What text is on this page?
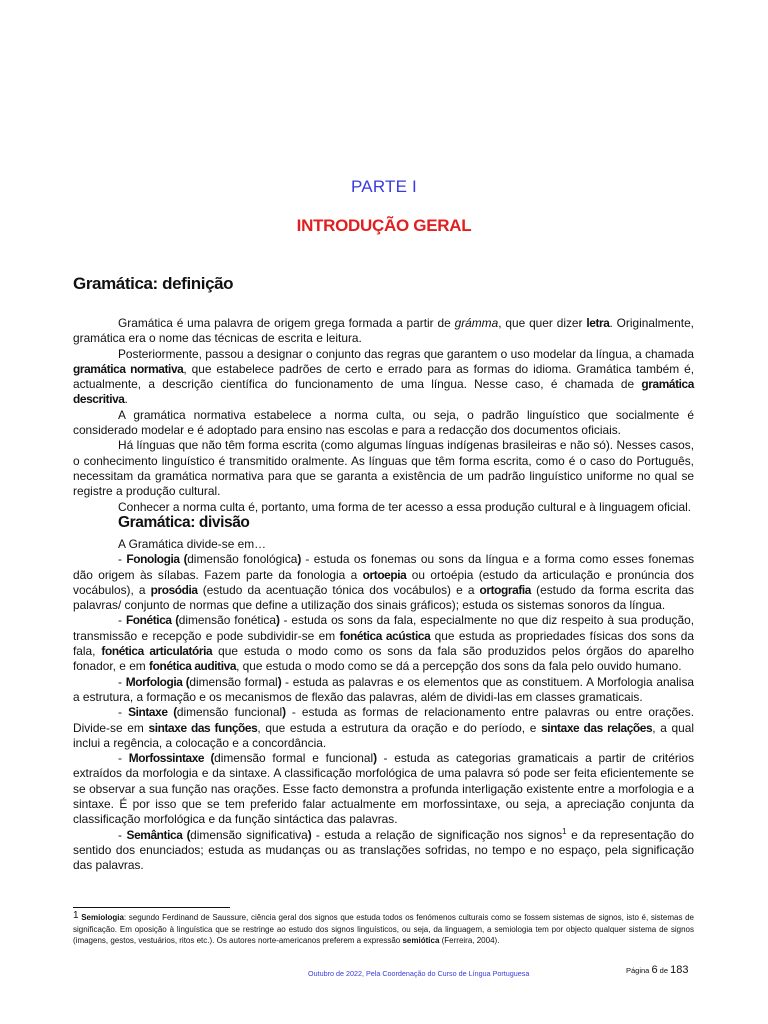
PARTE I
INTRODUÇÃO GERAL
Gramática: definição

Gramática é uma palavra de origem grega formada a partir de grámma, que quer dizer letra. Originalmente, gramática era o nome das técnicas de escrita e leitura.

Posteriormente, passou a designar o conjunto das regras que garantem o uso modelar da língua, a chamada gramática normativa, que estabelece padrões de certo e errado para as formas do idioma. Gramática também é, actualmente, a descrição científica do funcionamento de uma língua. Nesse caso, é chamada de gramática descritiva.

A gramática normativa estabelece a norma culta, ou seja, o padrão linguístico que socialmente é considerado modelar e é adoptado para ensino nas escolas e para a redacção dos documentos oficiais.

Há línguas que não têm forma escrita (como algumas línguas indígenas brasileiras e não só). Nesses casos, o conhecimento linguístico é transmitido oralmente. As línguas que têm forma escrita, como é o caso do Português, necessitam da gramática normativa para que se garanta a existência de um padrão linguístico uniforme no qual se registre a produção cultural.

Conhecer a norma culta é, portanto, uma forma de ter acesso a essa produção cultural e à linguagem oficial.

Gramática: divisão

A Gramática divide-se em…

- Fonologia (dimensão fonológica) - estuda os fonemas ou sons da língua e a forma como esses fonemas dão origem às sílabas. Fazem parte da fonologia a ortoepia ou ortoépia (estudo da articulação e pronúncia dos vocábulos), a prosódia (estudo da acentuação tónica dos vocábulos) e a ortografia (estudo da forma escrita das palavras/ conjunto de normas que define a utilização dos sinais gráficos); estuda os sistemas sonoros da língua.

- Fonética (dimensão fonética) - estuda os sons da fala, especialmente no que diz respeito à sua produção, transmissão e recepção e pode subdividir-se em fonética acústica que estuda as propriedades físicas dos sons da fala, fonética articulatória que estuda o modo como os sons da fala são produzidos pelos órgãos do aparelho fonador, e em fonética auditiva, que estuda o modo como se dá a percepção dos sons da fala pelo ouvido humano.

- Morfologia (dimensão formal) - estuda as palavras e os elementos que as constituem. A Morfologia analisa a estrutura, a formação e os mecanismos de flexão das palavras, além de dividi-las em classes gramaticais.

- Sintaxe (dimensão funcional) - estuda as formas de relacionamento entre palavras ou entre orações. Divide-se em sintaxe das funções, que estuda a estrutura da oração e do período, e sintaxe das relações, a qual inclui a regência, a colocação e a concordância.

- Morfossintaxe (dimensão formal e funcional) - estuda as categorias gramaticais a partir de critérios extraídos da morfologia e da sintaxe. A classificação morfológica de uma palavra só pode ser feita eficientemente se se observar a sua função nas orações. Esse facto demonstra a profunda interligação existente entre a morfologia e a sintaxe. É por isso que se tem preferido falar actualmente em morfossintaxe, ou seja, a apreciação conjunta da classificação morfológica e da função sintáctica das palavras.

- Semântica (dimensão significativa) - estuda a relação de significação nos signos$^1$ e da representação do sentido dos enunciados; estuda as mudanças ou as translações sofridas, no tempo e no espaço, pela significação das palavras.

$^1$ Semiologia: segundo Ferdinand de Saussure, ciência geral dos signos que estuda todos os fenómenos culturais como se fossem sistemas de signos, isto é, sistemas de significação. Em oposição à linguística que se restringe ao estudo dos signos linguísticos, ou seja, da linguagem, a semiologia tem por objecto qualquer sistema de signos (imagens, gestos, vestuários, ritos etc.). Os autores norte-americanos preferem a expressão semiótica (Ferreira, 2004).
Outubro de 2022, Pela Coordenação do Curso de Língua Portuguesa	Página 6 de 183
